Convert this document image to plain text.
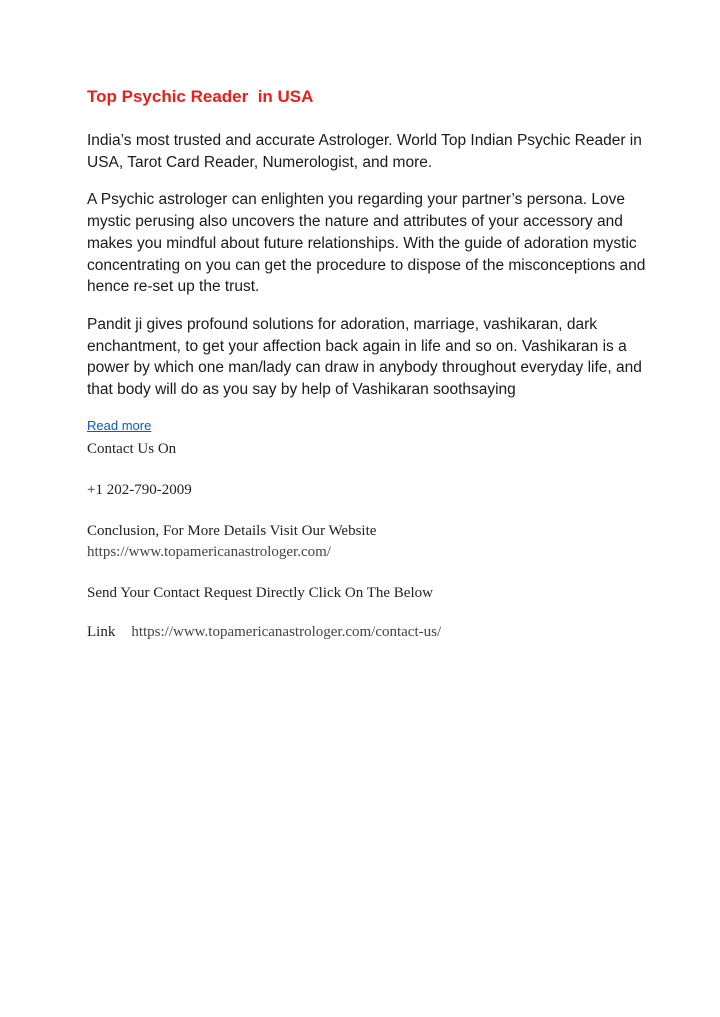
Top Psychic Reader  in USA

India’s most trusted and accurate Astrologer. World Top Indian Psychic Reader in USA, Tarot Card Reader, Numerologist, and more.

A Psychic astrologer can enlighten you regarding your partner’s persona. Love mystic perusing also uncovers the nature and attributes of your accessory and makes you mindful about future relationships. With the guide of adoration mystic concentrating on you can get the procedure to dispose of the misconceptions and hence re-set up the trust.

Pandit ji gives profound solutions for adoration, marriage, vashikaran, dark enchantment, to get your affection back again in life and so on. Vashikaran is a power by which one man/lady can draw in anybody throughout everyday life, and that body will do as you say by help of Vashikaran soothsaying

Read more

Contact Us On

+1 202-790-2009

Conclusion, For More Details Visit Our Website

https://www.topamericanastrologer.com/

Send Your Contact Request Directly Click On The Below

Link https://www.topamericanastrologer.com/contact-us/
